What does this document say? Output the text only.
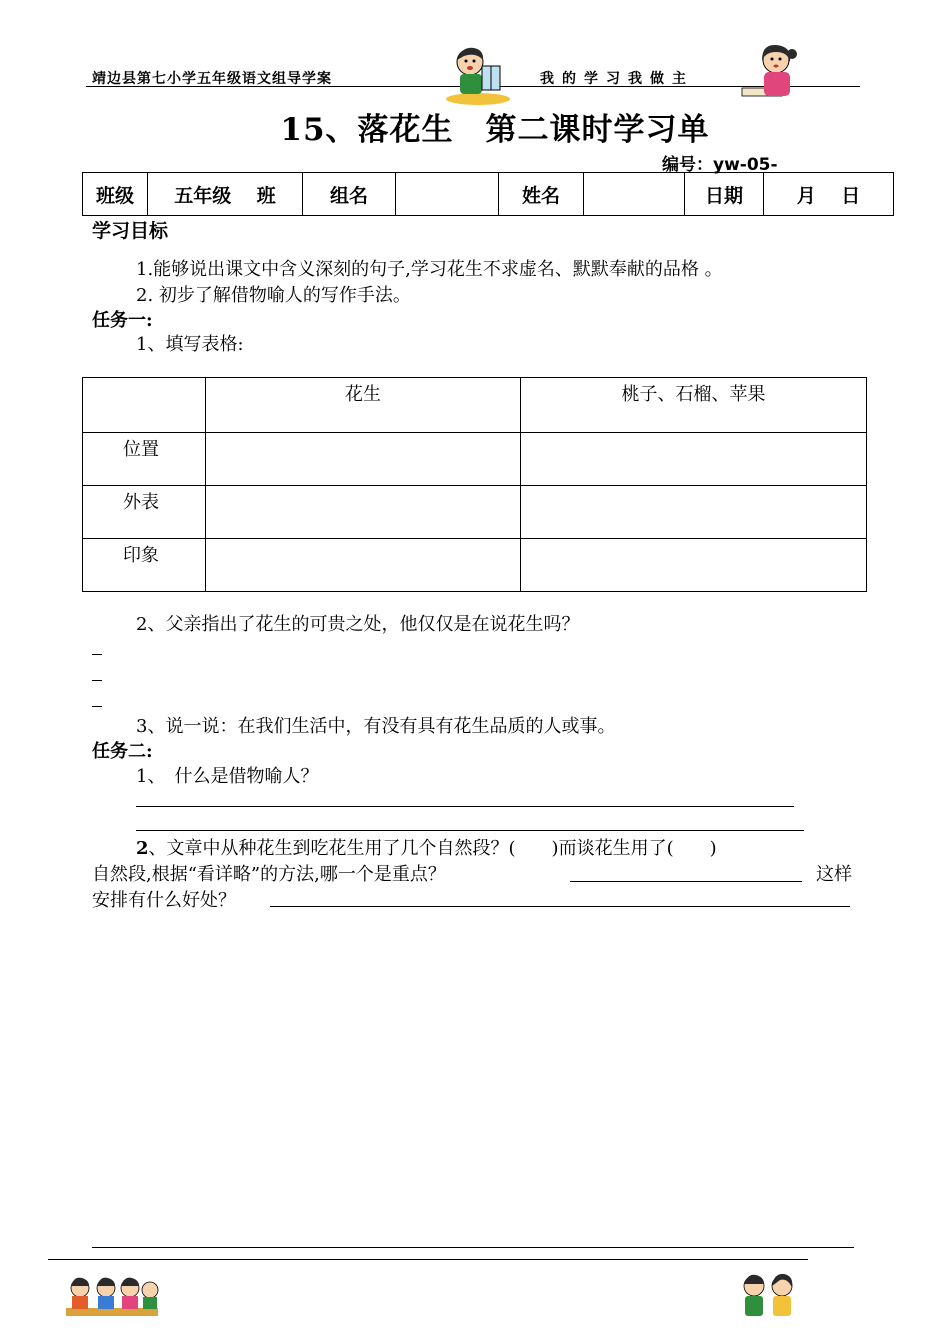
靖边县第七小学五年级语文组导学案	我的学习我做主
15、落花生　第二课时学习单
编号：yw-05-
班级	五年级　 班	组名		姓名		日期	月　 日
学习目标
1.能够说出课文中含义深刻的句子,学习花生不求虚名、默默奉献的品格 。
2. 初步了解借物喻人的写作手法。
任务一:
1、填写表格:
	花生	桃子、石榴、苹果
位置		
外表		
印象		
2、父亲指出了花生的可贵之处，他仅仅是在说花生吗？
3、说一说：在我们生活中，有没有具有花生品质的人或事。
任务二:
1、　什么是借物喻人？
2、文章中从种花生到吃花生用了几个自然段？(　　)而谈花生用了(　　)
自然段,根据“看详略”的方法,哪一个是重点？	这样
安排有什么好处？
